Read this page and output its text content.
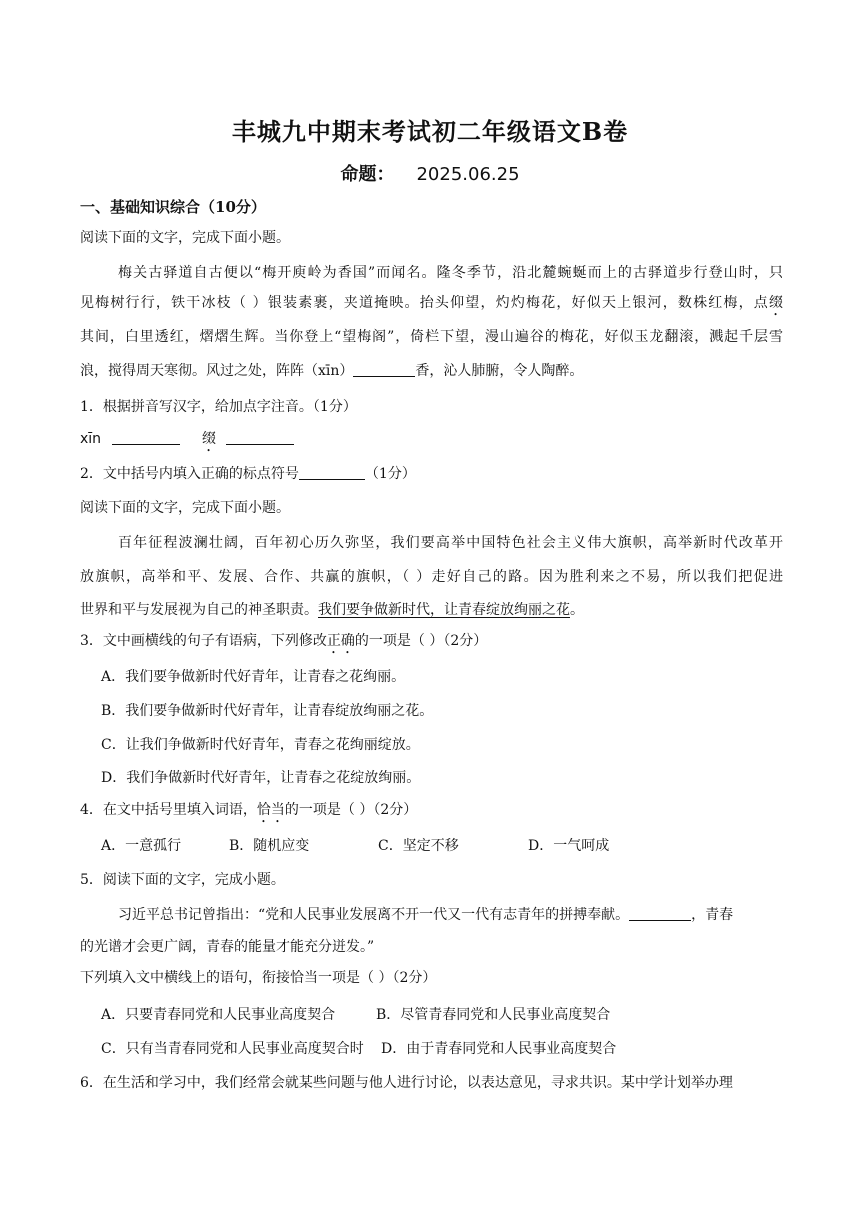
丰城九中期末考试初二年级语文B卷
命题： 2025.06.25
一、基础知识综合（10分）
阅读下面的文字，完成下面小题。
梅关古驿道自古便以“梅开庾岭为香国”而闻名。隆冬季节，沿北麓蜿蜒而上的古驿道步行登山时，只
见梅树行行，铁干冰枝（ ）银装素裹，夹道掩映。抬头仰望，灼灼梅花，好似天上银河，数株红梅，点缀
其间，白里透红，熠熠生辉。当你登上“望梅阁”，倚栏下望，漫山遍谷的梅花，好似玉龙翻滚，溅起千层雪
浪，搅得周天寒彻。风过之处，阵阵（xīn）	香，沁人肺腑，令人陶醉。
1．根据拼音写汉字，给加点字注音。（1分）
xīn	缀
2．文中括号内填入正确的标点符号	（1分）
阅读下面的文字，完成下面小题。
百年征程波澜壮阔，百年初心历久弥坚，我们要高举中国特色社会主义伟大旗帜，高举新时代改革开
放旗帜，高举和平、发展、合作、共赢的旗帜，（ ）走好自己的路。因为胜利来之不易，所以我们把促进
世界和平与发展视为自己的神圣职责。我们要争做新时代，让青春绽放绚丽之花。
3．文中画横线的句子有语病，下列修改正确的一项是（ ）（2分）
A．我们要争做新时代好青年，让青春之花绚丽。
B．我们要争做新时代好青年，让青春绽放绚丽之花。
C．让我们争做新时代好青年，青春之花绚丽绽放。
D．我们争做新时代好青年，让青春之花绽放绚丽。
4．在文中括号里填入词语，恰当的一项是（ ）（2分）
A．一意孤行	B．随机应变	C．坚定不移	D．一气呵成
5．阅读下面的文字，完成小题。
习近平总书记曾指出：“党和人民事业发展离不开一代又一代有志青年的拼搏奉献。	，青春
的光谱才会更广阔，青春的能量才能充分迸发。”
下列填入文中横线上的语句，衔接恰当一项是（ ）（2分）
A．只要青春同党和人民事业高度契合	B．尽管青春同党和人民事业高度契合
C．只有当青春同党和人民事业高度契合时 D．由于青春同党和人民事业高度契合
6．在生活和学习中，我们经常会就某些问题与他人进行讨论，以表达意见，寻求共识。某中学计划举办理
